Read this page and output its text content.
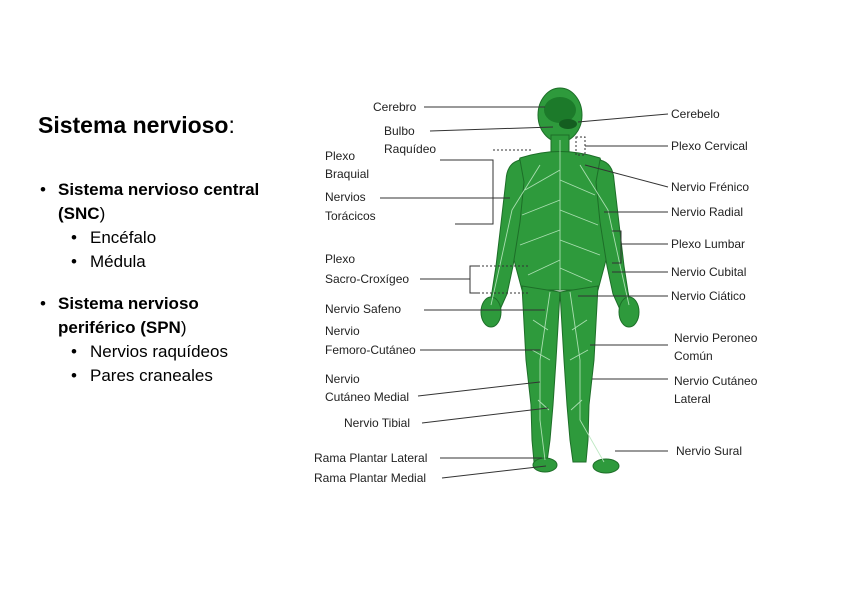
Sistema nervioso:
• Sistema nervioso central
(SNC)
• Encéfalo
• Médula
• Sistema nervioso
periférico (SPN)
• Nervios raquídeos
• Pares craneales
Cerebro
Bulbo
Raquídeo
Plexo
Braquial
Nervios
Torácicos
Plexo
Sacro-Croxígeo
Nervio Safeno
Nervio
Femoro-Cutáneo
Nervio
Cutáneo Medial
Nervio Tibial
Rama Plantar Lateral
Rama Plantar Medial
Cerebelo
Plexo Cervical
Nervio Frénico
Nervio Radial
Plexo Lumbar
Nervio Cubital
Nervio Ciático
Nervio Peroneo
Común
Nervio Cutáneo
Lateral
Nervio Sural
